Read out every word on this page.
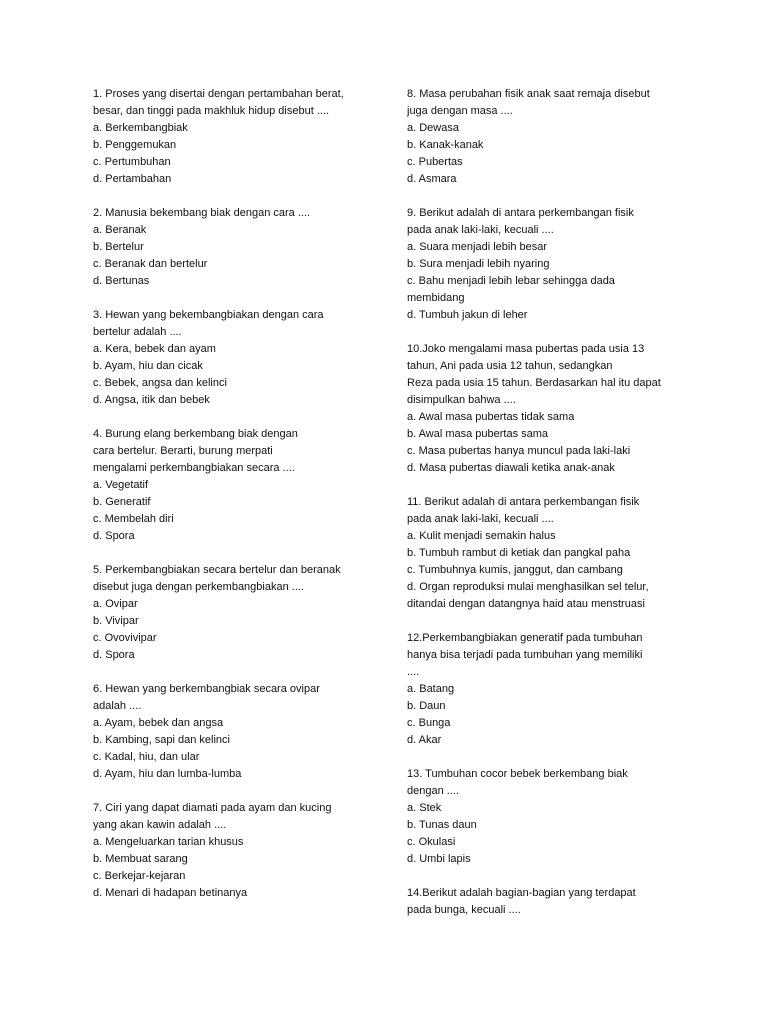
1. Proses yang disertai dengan pertambahan berat,
besar, dan tinggi pada makhluk hidup disebut ....
a. Berkembangbiak
b. Penggemukan
c. Pertumbuhan
d. Pertambahan
2. Manusia bekembang biak dengan cara ....
a. Beranak
b. Bertelur
c. Beranak dan bertelur
d. Bertunas
3. Hewan yang bekembangbiakan dengan cara
bertelur adalah ....
a. Kera, bebek dan ayam
b. Ayam, hiu dan cicak
c. Bebek, angsa dan kelinci
d. Angsa, itik dan bebek
4. Burung elang berkembang biak dengan
cara bertelur. Berarti, burung merpati
mengalami perkembangbiakan secara ....
a. Vegetatif
b. Generatif
c. Membelah diri
d. Spora
5. Perkembangbiakan secara bertelur dan beranak
disebut juga dengan perkembangbiakan ....
a. Ovipar
b. Vivipar
c. Ovovivipar
d. Spora
6. Hewan yang berkembangbiak secara ovipar
adalah ....
a. Ayam, bebek dan angsa
b. Kambing, sapi dan kelinci
c. Kadal, hiu, dan ular
d. Ayam, hiu dan lumba-lumba
7. Ciri yang dapat diamati pada ayam dan kucing
yang akan kawin adalah ....
a. Mengeluarkan tarian khusus
b. Membuat sarang
c. Berkejar-kejaran
d. Menari di hadapan betinanya
8. Masa perubahan fisik anak saat remaja disebut
juga dengan masa ....
a. Dewasa
b. Kanak-kanak
c. Pubertas
d. Asmara
9. Berikut adalah di antara perkembangan fisik
pada anak laki-laki, kecuali ....
a. Suara menjadi lebih besar
b. Sura menjadi lebih nyaring
c. Bahu menjadi lebih lebar sehingga dada
membidang
d. Tumbuh jakun di leher
10.Joko mengalami masa pubertas pada usia 13
tahun, Ani pada usia 12 tahun, sedangkan
Reza pada usia 15 tahun. Berdasarkan hal itu dapat
disimpulkan bahwa ....
a. Awal masa pubertas tidak sama
b. Awal masa pubertas sama
c. Masa pubertas hanya muncul pada laki-laki
d. Masa pubertas diawali ketika anak-anak
11. Berikut adalah di antara perkembangan fisik
pada anak laki-laki, kecuali ....
a. Kulit menjadi semakin halus
b. Tumbuh rambut di ketiak dan pangkal paha
c. Tumbuhnya kumis, janggut, dan cambang
d. Organ reproduksi mulai menghasilkan sel telur,
ditandai dengan datangnya haid atau menstruasi
12.Perkembangbiakan generatif pada tumbuhan
hanya bisa terjadi pada tumbuhan yang memiliki
....
a. Batang
b. Daun
c. Bunga
d. Akar
13. Tumbuhan cocor bebek berkembang biak
dengan ....
a. Stek
b. Tunas daun
c. Okulasi
d. Umbi lapis
14.Berikut adalah bagian-bagian yang terdapat
pada bunga, kecuali ....
